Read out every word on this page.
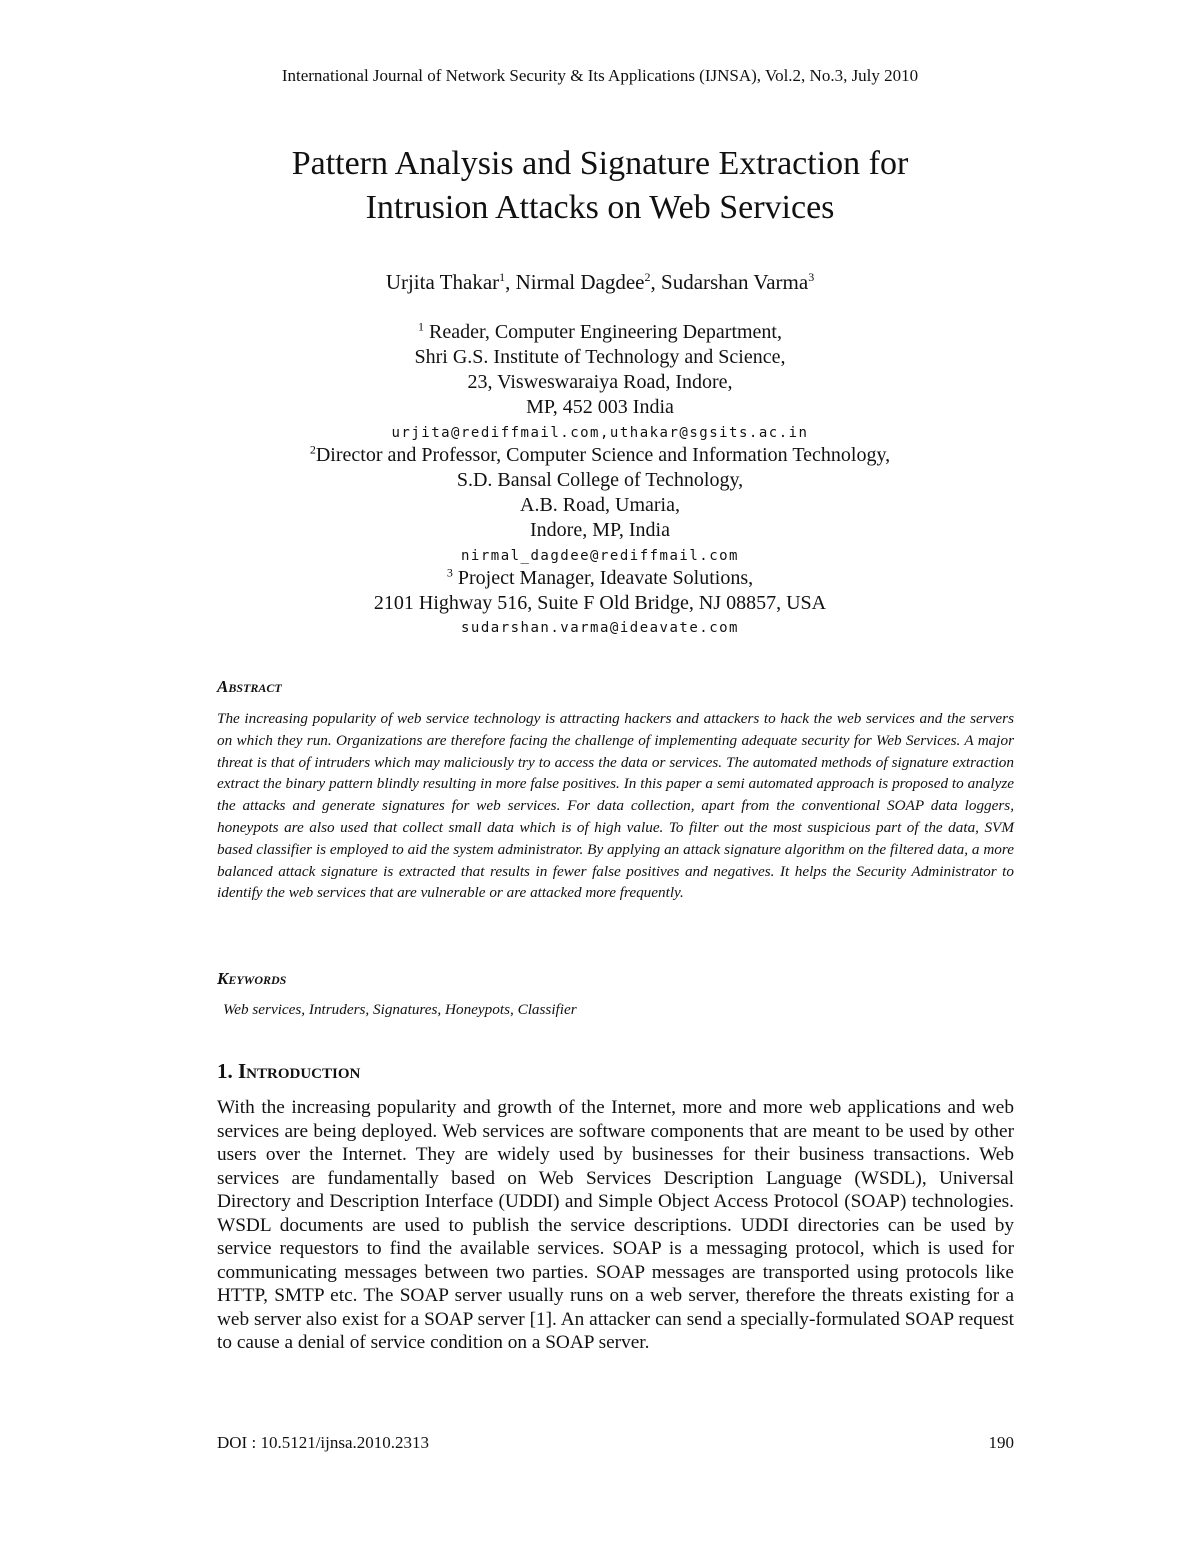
International Journal of Network Security & Its Applications (IJNSA), Vol.2, No.3, July 2010
Pattern Analysis and Signature Extraction for
Intrusion Attacks on Web Services
Urjita Thakar$^1$, Nirmal Dagdee$^2$, Sudarshan Varma$^3$
$^1$ Reader, Computer Engineering Department,
Shri G.S. Institute of Technology and Science,
23, Visweswaraiya Road, Indore,
MP, 452 003 India
urjita@rediffmail.com,uthakar@sgsits.ac.in
$^2$Director and Professor, Computer Science and Information Technology,
S.D. Bansal College of Technology,
A.B. Road, Umaria,
Indore, MP, India
nirmal_dagdee@rediffmail.com
$^3$ Project Manager, Ideavate Solutions,
2101 Highway 516, Suite F Old Bridge, NJ 08857, USA
sudarshan.varma@ideavate.com
Abstract
The increasing popularity of web service technology is attracting hackers and attackers to hack the web services and the servers on which they run. Organizations are therefore facing the challenge of implementing adequate security for Web Services. A major threat is that of intruders which may maliciously try to access the data or services. The automated methods of signature extraction extract the binary pattern blindly resulting in more false positives. In this paper a semi automated approach is proposed to analyze the attacks and generate signatures for web services. For data collection, apart from the conventional SOAP data loggers, honeypots are also used that collect small data which is of high value. To filter out the most suspicious part of the data, SVM based classifier is employed to aid the system administrator. By applying an attack signature algorithm on the filtered data, a more balanced attack signature is extracted that results in fewer false positives and negatives. It helps the Security Administrator to identify the web services that are vulnerable or are attacked more frequently.
Keywords
Web services, Intruders, Signatures, Honeypots, Classifier
1. Introduction
With the increasing popularity and growth of the Internet, more and more web applications and web services are being deployed. Web services are software components that are meant to be used by other users over the Internet. They are widely used by businesses for their business transactions. Web services are fundamentally based on Web Services Description Language (WSDL), Universal Directory and Description Interface (UDDI) and Simple Object Access Protocol (SOAP) technologies. WSDL documents are used to publish the service descriptions. UDDI directories can be used by service requestors to find the available services. SOAP is a messaging protocol, which is used for communicating messages between two parties. SOAP messages are transported using protocols like HTTP, SMTP etc. The SOAP server usually runs on a web server, therefore the threats existing for a web server also exist for a SOAP server [1]. An attacker can send a specially-formulated SOAP request to cause a denial of service condition on a SOAP server.
DOI : 10.5121/ijnsa.2010.2313	190
